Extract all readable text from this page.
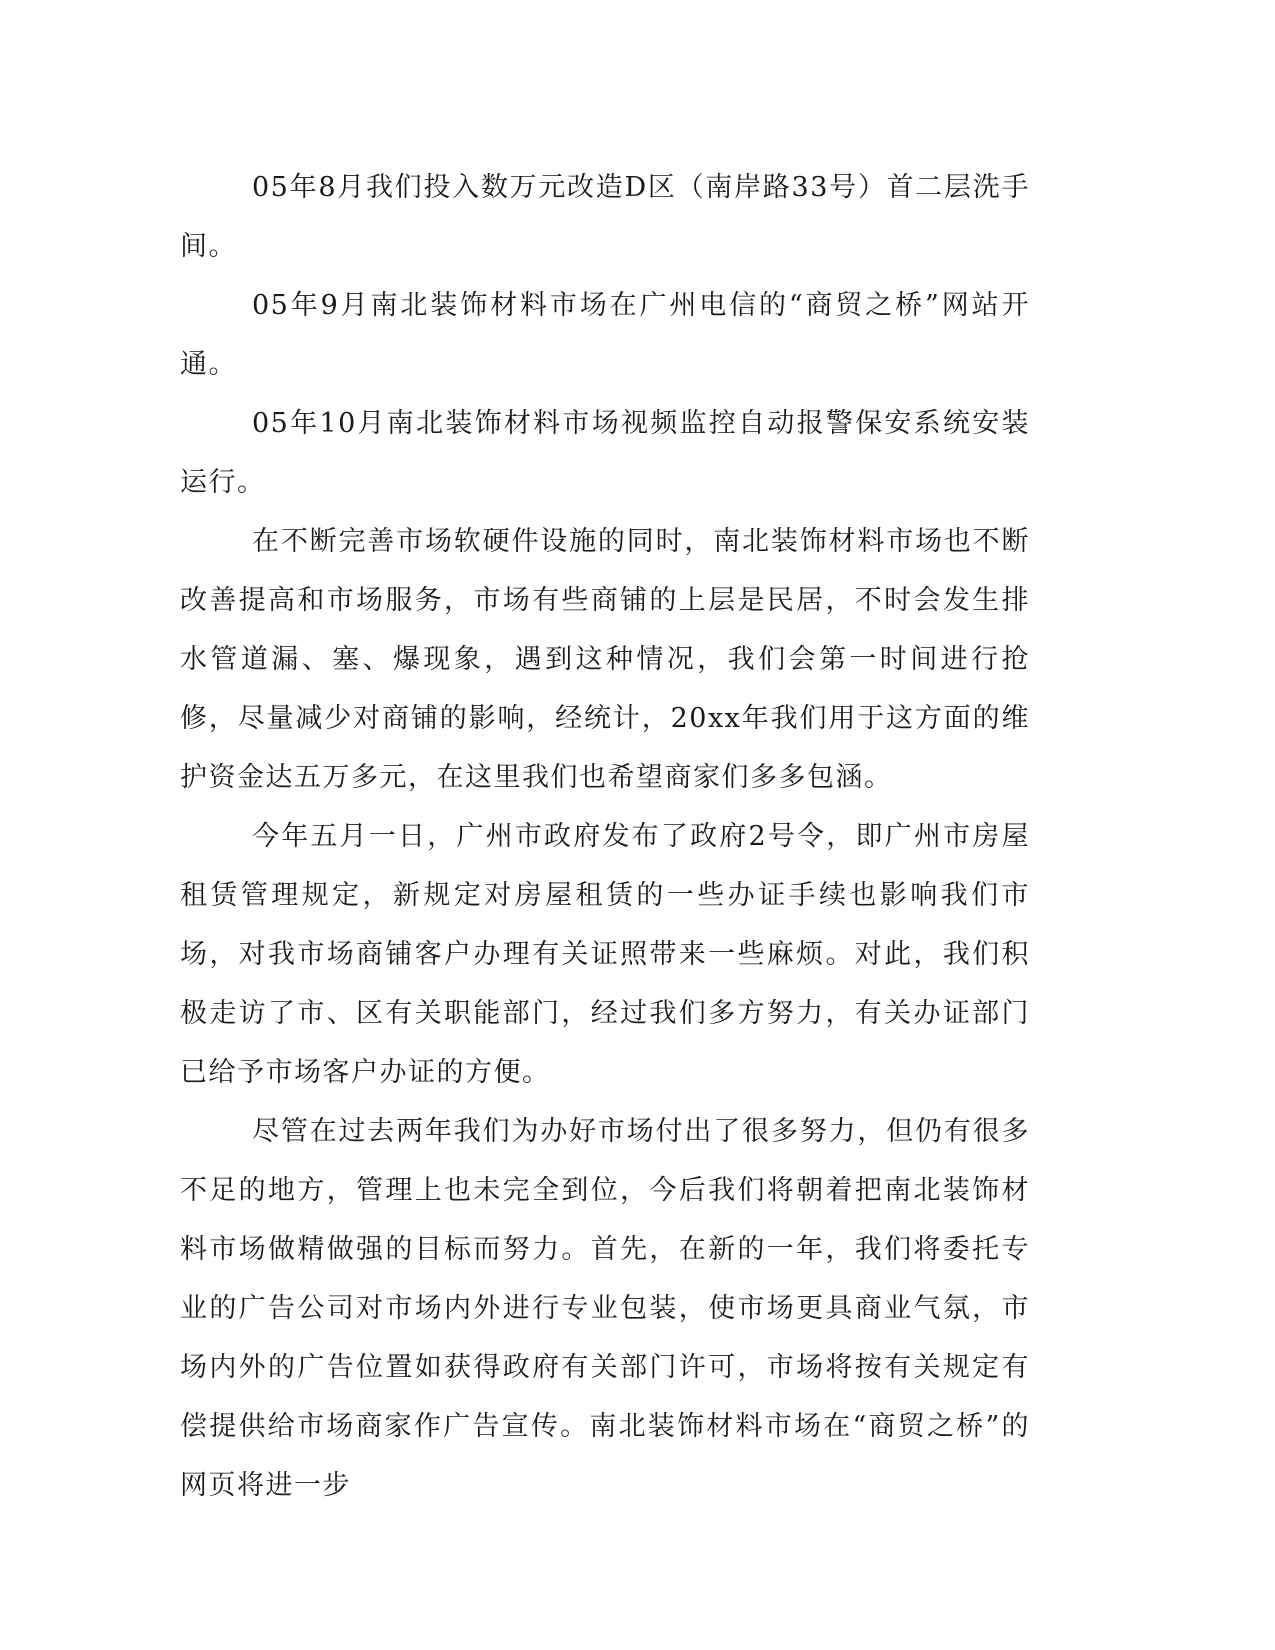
05年8月我们投入数万元改造D区（南岸路33号）首二层洗手间。

05年9月南北装饰材料市场在广州电信的“商贸之桥”网站开通。

05年10月南北装饰材料市场视频监控自动报警保安系统安装运行。

在不断完善市场软硬件设施的同时，南北装饰材料市场也不断改善提高和市场服务，市场有些商铺的上层是民居，不时会发生排水管道漏、塞、爆现象，遇到这种情况，我们会第一时间进行抢修，尽量减少对商铺的影响，经统计，20xx年我们用于这方面的维护资金达五万多元，在这里我们也希望商家们多多包涵。

今年五月一日，广州市政府发布了政府2号令，即广州市房屋租赁管理规定，新规定对房屋租赁的一些办证手续也影响我们市场，对我市场商铺客户办理有关证照带来一些麻烦。对此，我们积极走访了市、区有关职能部门，经过我们多方努力，有关办证部门已给予市场客户办证的方便。

尽管在过去两年我们为办好市场付出了很多努力，但仍有很多不足的地方，管理上也未完全到位，今后我们将朝着把南北装饰材料市场做精做强的目标而努力。首先，在新的一年，我们将委托专业的广告公司对市场内外进行专业包装，使市场更具商业气氛，市场内外的广告位置如获得政府有关部门许可，市场将按有关规定有偿提供给市场商家作广告宣传。南北装饰材料市场在“商贸之桥”的网页将进一步
